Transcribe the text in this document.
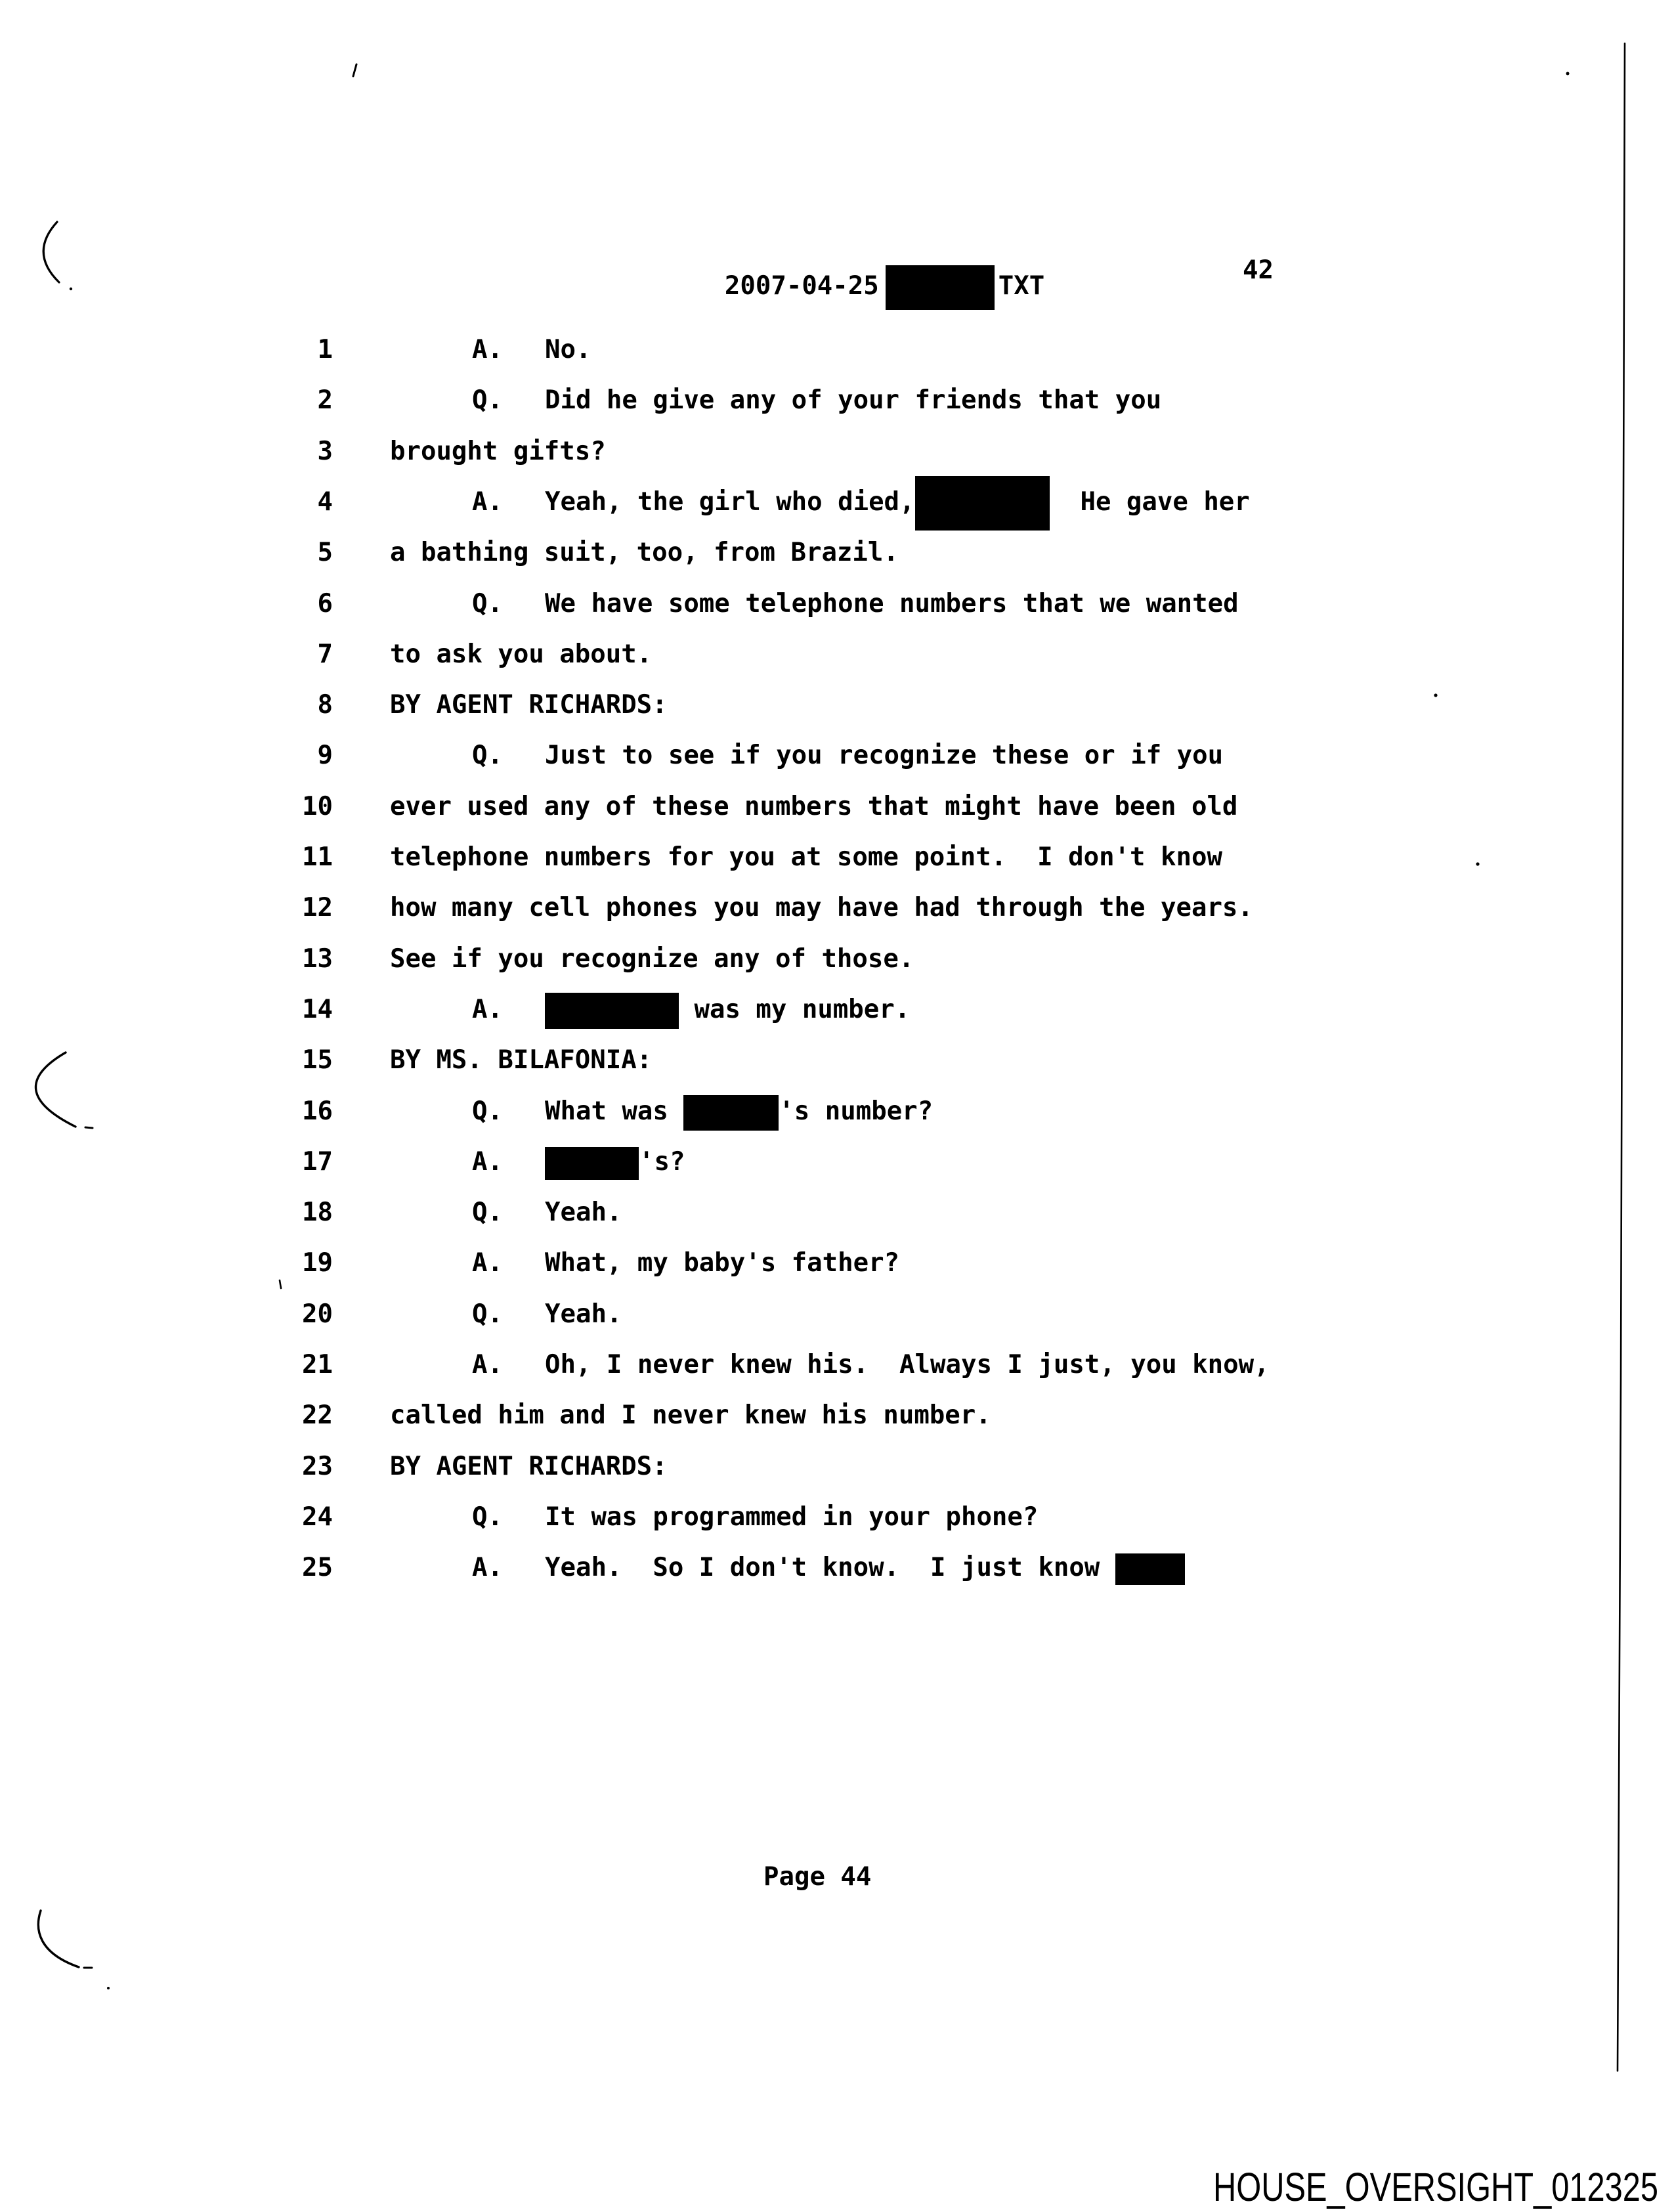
2007-04-25	TXT

42
1	A. No.
2	Q. Did he give any of your friends that you
3 brought gifts?
4	A. Yeah, the girl who died,	He gave her
5 a bathing suit, too, from Brazil.
6	Q. We have some telephone numbers that we wanted
7 to ask you about.
8 BY AGENT RICHARDS:
9	Q. Just to see if you recognize these or if you
10 ever used any of these numbers that might have been old
11 telephone numbers for you at some point.  I don't know
12 how many cell phones you may have had through the years.
13 See if you recognize any of those.
14	A.	was my number.
15 BY MS. BILAFONIA:
16	Q. What was	's number?
17	A.	's?
18	Q. Yeah.
19	A. What, my baby's father?
20	Q. Yeah.
21	A. Oh, I never knew his.  Always I just, you know,
22 called him and I never knew his number.
23 BY AGENT RICHARDS:
24	Q. It was programmed in your phone?
25	A. Yeah.  So I don't know.  I just know
Page 44
HOUSE_OVERSIGHT_012325
